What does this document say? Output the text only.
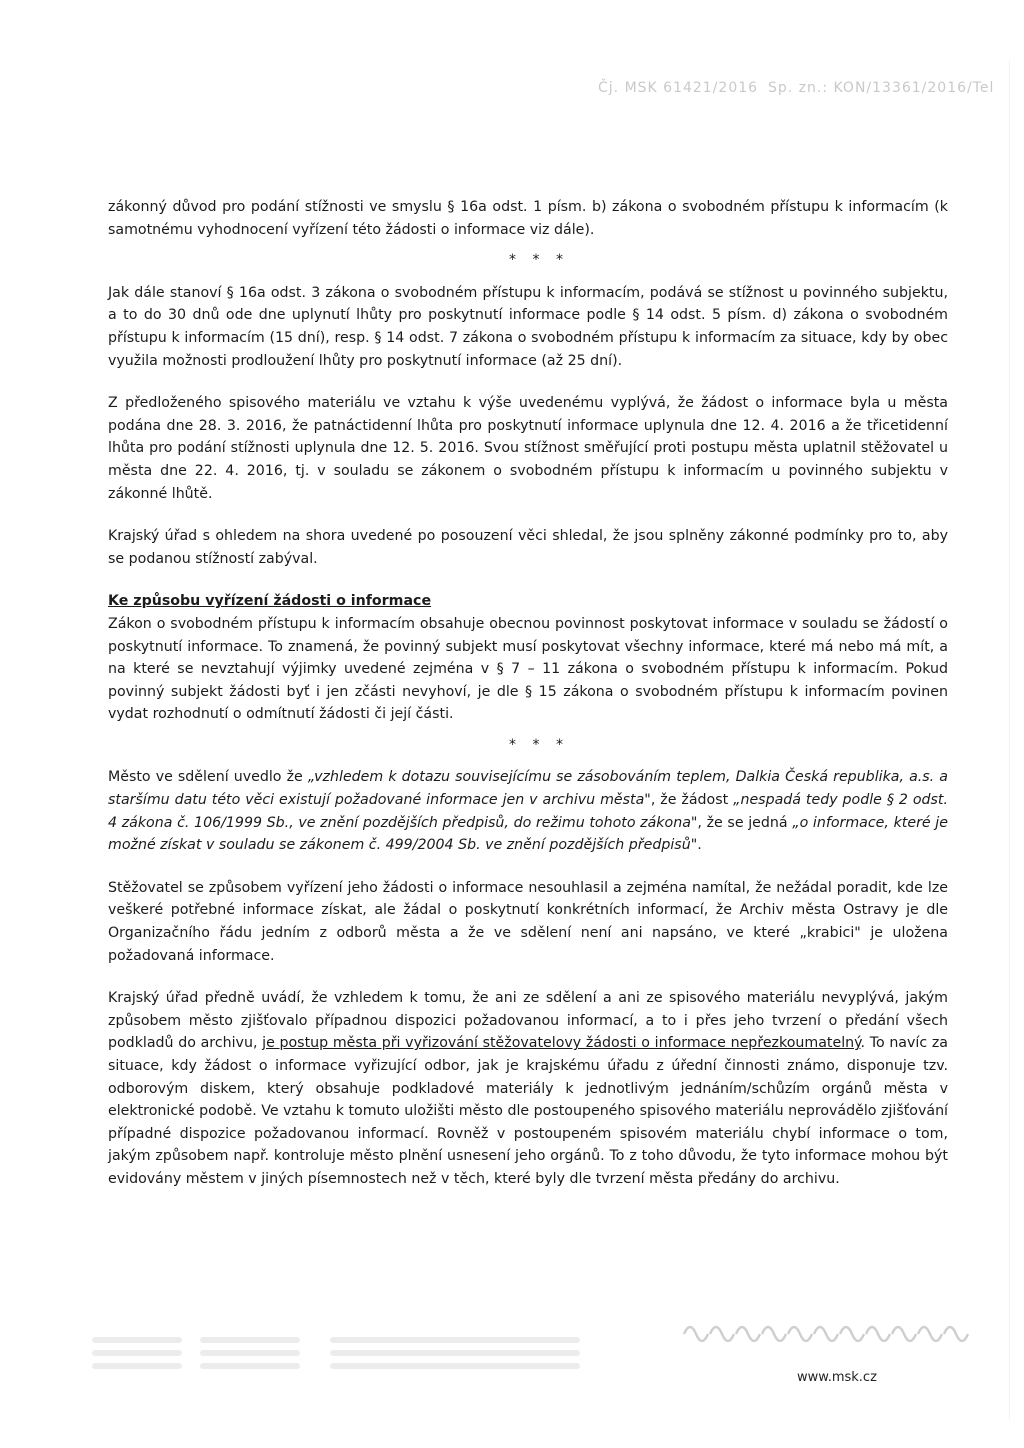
Čj. MSK 61421/2016 Sp. zn.: KON/13361/2016/Tel

zákonný důvod pro podání stížnosti ve smyslu § 16a odst. 1 písm. b) zákona o svobodném přístupu k informacím (k samotnému vyhodnocení vyřízení této žádosti o informace viz dále).

* * *

Jak dále stanoví § 16a odst. 3 zákona o svobodném přístupu k informacím, podává se stížnost u povinného subjektu, a to do 30 dnů ode dne uplynutí lhůty pro poskytnutí informace podle § 14 odst. 5 písm. d) zákona o svobodném přístupu k informacím (15 dní), resp. § 14 odst. 7 zákona o svobodném přístupu k informacím za situace, kdy by obec využila možnosti prodloužení lhůty pro poskytnutí informace (až 25 dní).

Z předloženého spisového materiálu ve vztahu k výše uvedenému vyplývá, že žádost o informace byla u města podána dne 28. 3. 2016, že patnáctidenní lhůta pro poskytnutí informace uplynula dne 12. 4. 2016 a že třicetidenní lhůta pro podání stížnosti uplynula dne 12. 5. 2016. Svou stížnost směřující proti postupu města uplatnil stěžovatel u města dne 22. 4. 2016, tj. v souladu se zákonem o svobodném přístupu k informacím u povinného subjektu v zákonné lhůtě.

Krajský úřad s ohledem na shora uvedené po posouzení věci shledal, že jsou splněny zákonné podmínky pro to, aby se podanou stížností zabýval.

Ke způsobu vyřízení žádosti o informace

Zákon o svobodném přístupu k informacím obsahuje obecnou povinnost poskytovat informace v souladu se žádostí o poskytnutí informace. To znamená, že povinný subjekt musí poskytovat všechny informace, které má nebo má mít, a na které se nevztahují výjimky uvedené zejména v § 7 – 11 zákona o svobodném přístupu k informacím. Pokud povinný subjekt žádosti byť i jen zčásti nevyhoví, je dle § 15 zákona o svobodném přístupu k informacím povinen vydat rozhodnutí o odmítnutí žádosti či její části.

* * *

Město ve sdělení uvedlo že „vzhledem k dotazu souvisejícímu se zásobováním teplem, Dalkia Česká republika, a.s. a staršímu datu této věci existují požadované informace jen v archivu města", že žádost „nespadá tedy podle § 2 odst. 4 zákona č. 106/1999 Sb., ve znění pozdějších předpisů, do režimu tohoto zákona", že se jedná „o informace, které je možné získat v souladu se zákonem č. 499/2004 Sb. ve znění pozdějších předpisů".

Stěžovatel se způsobem vyřízení jeho žádosti o informace nesouhlasil a zejména namítal, že nežádal poradit, kde lze veškeré potřebné informace získat, ale žádal o poskytnutí konkrétních informací, že Archiv města Ostravy je dle Organizačního řádu jedním z odborů města a že ve sdělení není ani napsáno, ve které „krabici" je uložena požadovaná informace.

Krajský úřad předně uvádí, že vzhledem k tomu, že ani ze sdělení a ani ze spisového materiálu nevyplývá, jakým způsobem město zjišťovalo případnou dispozici požadovanou informací, a to i přes jeho tvrzení o předání všech podkladů do archivu, je postup města při vyřizování stěžovatelovy žádosti o informace nepřezkoumatelný. To navíc za situace, kdy žádost o informace vyřizující odbor, jak je krajskému úřadu z úřední činnosti známo, disponuje tzv. odborovým diskem, který obsahuje podkladové materiály k jednotlivým jednáním/schůzím orgánů města v elektronické podobě. Ve vztahu k tomuto uložišti město dle postoupeného spisového materiálu neprovádělo zjišťování případné dispozice požadovanou informací. Rovněž v postoupeném spisovém materiálu chybí informace o tom, jakým způsobem např. kontroluje město plnění usnesení jeho orgánů. To z toho důvodu, že tyto informace mohou být evidovány městem v jiných písemnostech než v těch, které byly dle tvrzení města předány do archivu.

www.msk.cz
